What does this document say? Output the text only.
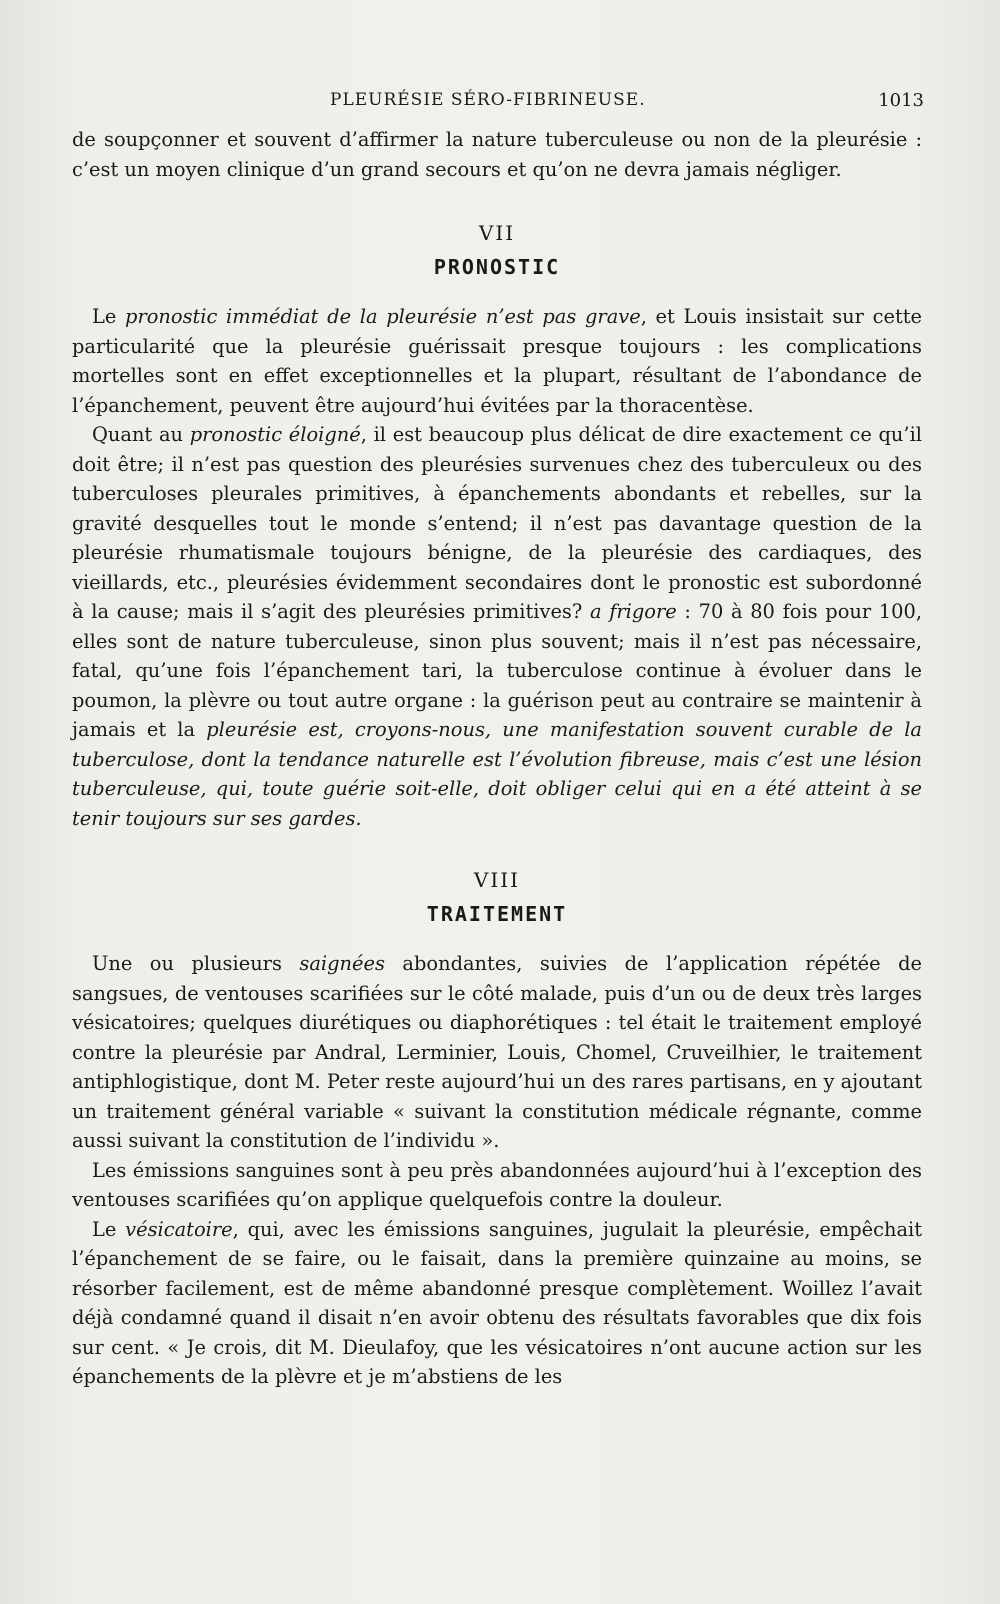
PLEURÉSIE SÉRO-FIBRINEUSE.	1013

de soupçonner et souvent d’affirmer la nature tuberculeuse ou non de la pleurésie : c’est un moyen clinique d’un grand secours et qu’on ne devra jamais négliger.

VII
PRONOSTIC

Le pronostic immédiat de la pleurésie n’est pas grave, et Louis insistait sur cette particularité que la pleurésie guérissait presque toujours : les complications mortelles sont en effet exceptionnelles et la plupart, résultant de l’abondance de l’épanchement, peuvent être aujourd’hui évitées par la thoracentèse.

Quant au pronostic éloigné, il est beaucoup plus délicat de dire exactement ce qu’il doit être; il n’est pas question des pleurésies survenues chez des tuberculeux ou des tuberculoses pleurales primitives, à épanchements abondants et rebelles, sur la gravité desquelles tout le monde s’entend; il n’est pas davantage question de la pleurésie rhumatismale toujours bénigne, de la pleurésie des cardiaques, des vieillards, etc., pleurésies évidemment secondaires dont le pronostic est subordonné à la cause; mais il s’agit des pleurésies primitives? a frigore : 70 à 80 fois pour 100, elles sont de nature tuberculeuse, sinon plus souvent; mais il n’est pas nécessaire, fatal, qu’une fois l’épanchement tari, la tuberculose continue à évoluer dans le poumon, la plèvre ou tout autre organe : la guérison peut au contraire se maintenir à jamais et la pleurésie est, croyons-nous, une manifestation souvent curable de la tuberculose, dont la tendance naturelle est l’évolution fibreuse, mais c’est une lésion tuberculeuse, qui, toute guérie soit-elle, doit obliger celui qui en a été atteint à se tenir toujours sur ses gardes.

VIII
TRAITEMENT

Une ou plusieurs saignées abondantes, suivies de l’application répétée de sangsues, de ventouses scarifiées sur le côté malade, puis d’un ou de deux très larges vésicatoires; quelques diurétiques ou diaphorétiques : tel était le traitement employé contre la pleurésie par Andral, Lerminier, Louis, Chomel, Cruveilhier, le traitement antiphlogistique, dont M. Peter reste aujourd’hui un des rares partisans, en y ajoutant un traitement général variable « suivant la constitution médicale régnante, comme aussi suivant la constitution de l’individu ».

Les émissions sanguines sont à peu près abandonnées aujourd’hui à l’exception des ventouses scarifiées qu’on applique quelquefois contre la douleur.

Le vésicatoire, qui, avec les émissions sanguines, jugulait la pleurésie, empêchait l’épanchement de se faire, ou le faisait, dans la première quinzaine au moins, se résorber facilement, est de même abandonné presque complètement. Woillez l’avait déjà condamné quand il disait n’en avoir obtenu des résultats favorables que dix fois sur cent. « Je crois, dit M. Dieulafoy, que les vésicatoires n’ont aucune action sur les épanchements de la plèvre et je m’abstiens de les
